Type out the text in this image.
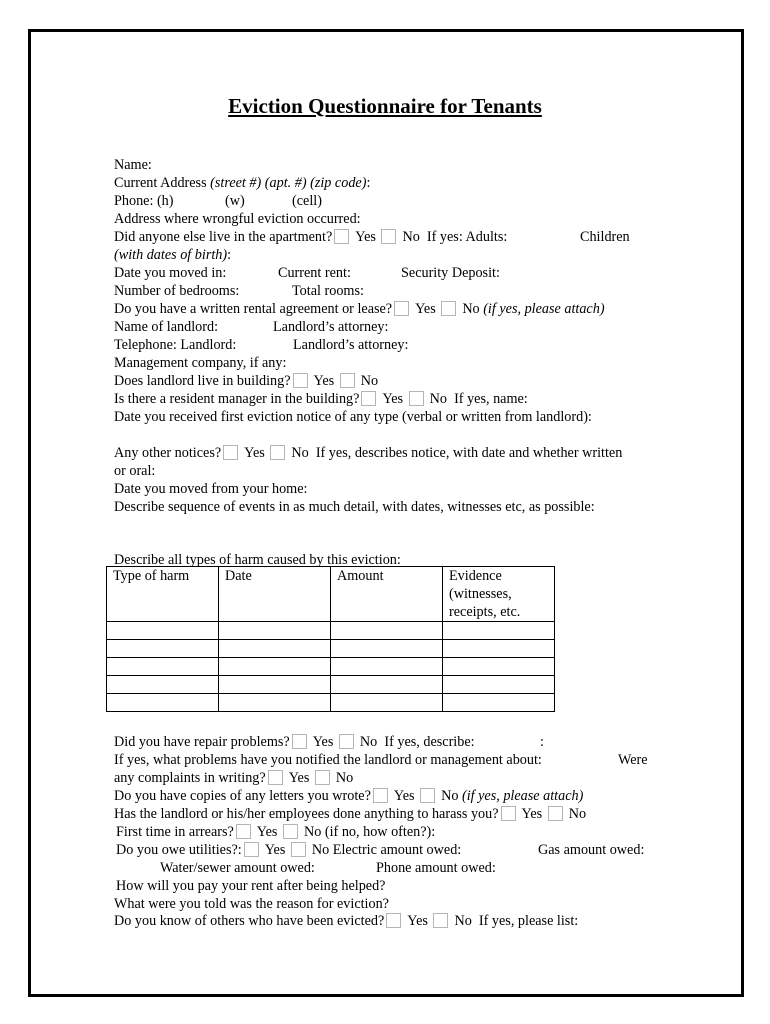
Eviction Questionnaire for Tenants
Name:
Current Address (street #) (apt. #) (zip code):
Phone: (h)	(w)	(cell)
Address where wrongful eviction occurred:
Did anyone else live in the apartment? Yes No If yes: Adults:	Children
(with dates of birth):
Date you moved in:	Current rent:	Security Deposit:
Number of bedrooms:	Total rooms:
Do you have a written rental agreement or lease? Yes No (if yes, please attach)
Name of landlord:	Landlord’s attorney:
Telephone: Landlord:	Landlord’s attorney:
Management company, if any:
Does landlord live in building? Yes No
Is there a resident manager in the building? Yes No If yes, name:
Date you received first eviction notice of any type (verbal or written from landlord):
Any other notices? Yes No If yes, describes notice, with date and whether written
or oral:
Date you moved from your home:
Describe sequence of events in as much detail, with dates, witnesses etc, as possible:
Describe all types of harm caused by this eviction:
Type of harm	Date	Amount	Evidence
(witnesses,
receipts, etc.

Did you have repair problems? Yes No If yes, describe:	:
If yes, what problems have you notified the landlord or management about:	Were
any complaints in writing? Yes No
Do you have copies of any letters you wrote? Yes No (if yes, please attach)
Has the landlord or his/her employees done anything to harass you? Yes No
First time in arrears? Yes No (if no, how often?):
Do you owe utilities?: Yes No Electric amount owed:	Gas amount owed:
Water/sewer amount owed:	Phone amount owed:
How will you pay your rent after being helped?
What were you told was the reason for eviction?
Do you know of others who have been evicted? Yes No If yes, please list:
